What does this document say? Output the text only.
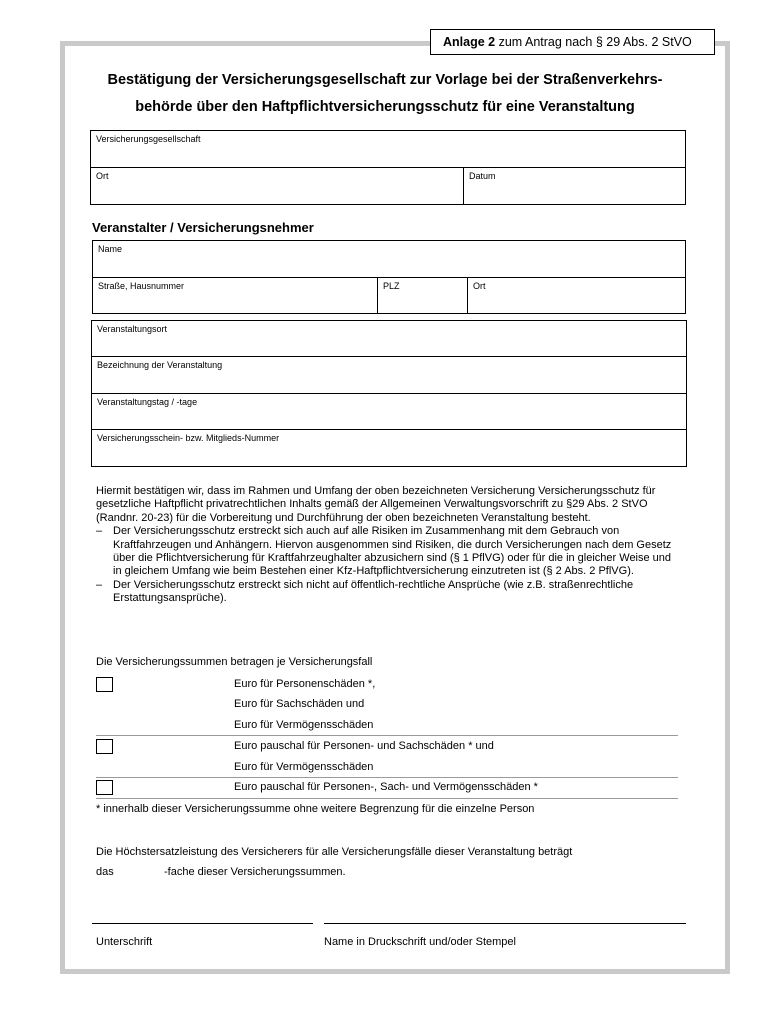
Anlage 2 zum Antrag nach § 29 Abs. 2 StVO
Bestätigung der Versicherungsgesellschaft zur Vorlage bei der Straßenverkehrs-
behörde über den Haftpflichtversicherungsschutz für eine Veranstaltung
Versicherungsgesellschaft
Ort	Datum
Veranstalter / Versicherungsnehmer
Name
Straße, Hausnummer	PLZ	Ort
Veranstaltungsort
Bezeichnung der Veranstaltung
Veranstaltungstag / -tage
Versicherungsschein- bzw. Mitglieds-Nummer

Hiermit bestätigen wir, dass im Rahmen und Umfang der oben bezeichneten Versicherung Versicherungsschutz für gesetzliche Haftpflicht privatrechtlichen Inhalts gemäß der Allgemeinen Verwaltungsvorschrift zu §29 Abs. 2 StVO (Randnr. 20-23) für die Vorbereitung und Durchführung der oben bezeichneten Veranstaltung besteht.

– Der Versicherungsschutz erstreckt sich auch auf alle Risiken im Zusammenhang mit dem Gebrauch von Kraftfahrzeugen und Anhängern. Hiervon ausgenommen sind Risiken, die durch Versicherungen nach dem Gesetz über die Pflichtversicherung für Kraftfahrzeughalter abzusichern sind (§ 1 PflVG) oder für die in gleicher Weise und in gleichem Umfang wie beim Bestehen einer Kfz-Haftpflichtversicherung einzutreten ist (§ 2 Abs. 2 PflVG).
– Der Versicherungsschutz erstreckt sich nicht auf öffentlich-rechtliche Ansprüche (wie z.B. straßenrechtliche Erstattungsansprüche).
Die Versicherungssummen betragen je Versicherungsfall
Euro für Personenschäden *,
Euro für Sachschäden und
Euro für Vermögensschäden
Euro pauschal für Personen- und Sachschäden * und
Euro für Vermögensschäden
Euro pauschal für Personen-, Sach- und Vermögensschäden *
* innerhalb dieser Versicherungssumme ohne weitere Begrenzung für die einzelne Person
Die Höchstersatzleistung des Versicherers für alle Versicherungsfälle dieser Veranstaltung beträgt
das	-fache dieser Versicherungssummen.
Unterschrift	Name in Druckschrift und/oder Stempel
